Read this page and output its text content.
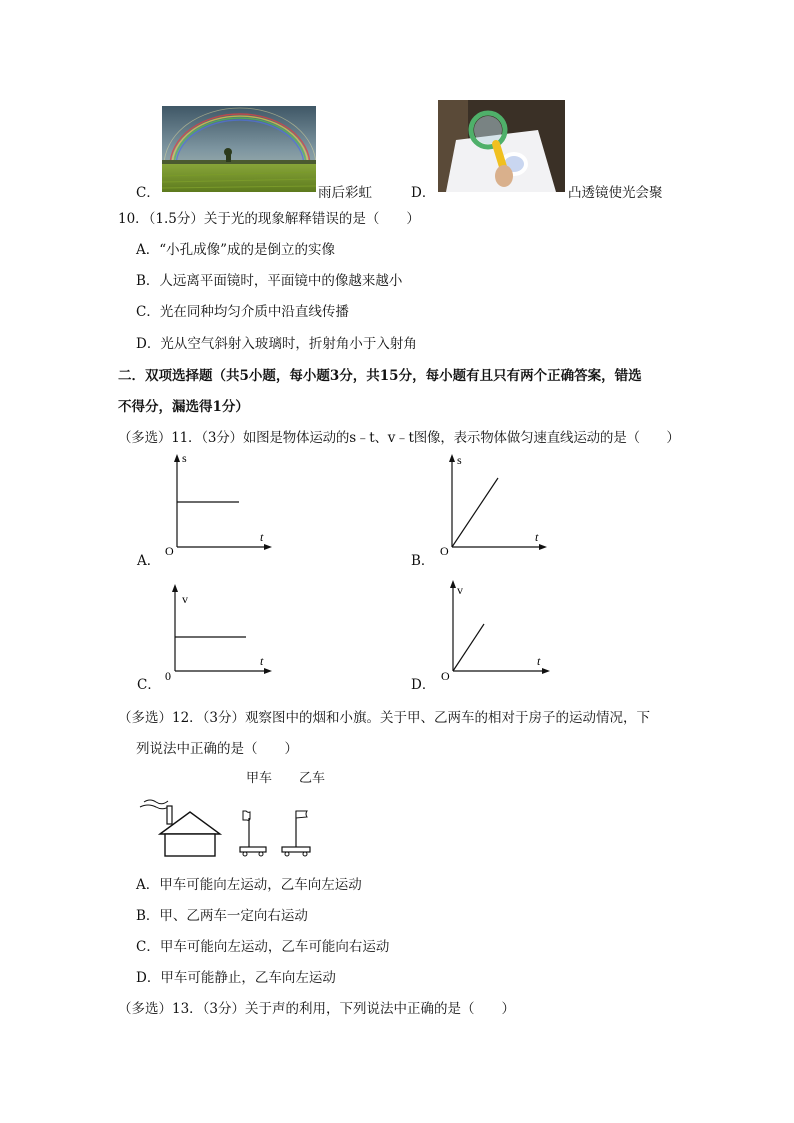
C．	雨后彩虹	D．	凸透镜使光会聚
10．（1.5分）关于光的现象解释错误的是（　　）
A．“小孔成像”成的是倒立的实像
B．人远离平面镜时，平面镜中的像越来越小
C．光在同种均匀介质中沿直线传播
D．光从空气斜射入玻璃时，折射角小于入射角
二．双项选择题（共5小题，每小题3分，共15分，每小题有且只有两个正确答案，错选
不得分，漏选得1分）
（多选）11．（3分）如图是物体运动的s﹣t、v﹣t图像，表示物体做匀速直线运动的是（　　）
A．	B．
C．	D．
s
t
O
s
t
O
v
t
0
v
t
O
（多选）12．（3分）观察图中的烟和小旗。关于甲、乙两车的相对于房子的运动情况，下
列说法中正确的是（　　）
甲车 乙车
A．甲车可能向左运动，乙车向左运动
B．甲、乙两车一定向右运动
C．甲车可能向左运动，乙车可能向右运动
D．甲车可能静止，乙车向左运动
（多选）13．（3分）关于声的利用，下列说法中正确的是（　　）
